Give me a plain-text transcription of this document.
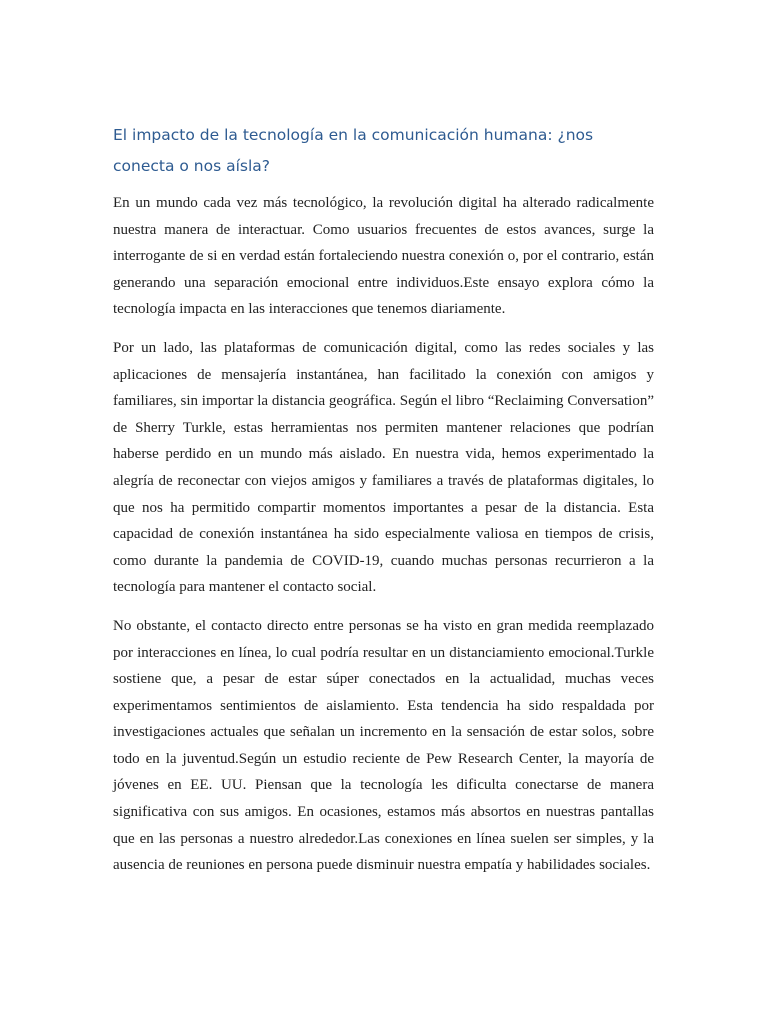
El impacto de la tecnología en la comunicación humana: ¿nos conecta o nos aísla?

En un mundo cada vez más tecnológico, la revolución digital ha alterado radicalmente nuestra manera de interactuar. Como usuarios frecuentes de estos avances, surge la interrogante de si en verdad están fortaleciendo nuestra conexión o, por el contrario, están generando una separación emocional entre individuos.Este ensayo explora cómo la tecnología impacta en las interacciones que tenemos diariamente.

Por un lado, las plataformas de comunicación digital, como las redes sociales y las aplicaciones de mensajería instantánea, han facilitado la conexión con amigos y familiares, sin importar la distancia geográfica. Según el libro “Reclaiming Conversation” de Sherry Turkle, estas herramientas nos permiten mantener relaciones que podrían haberse perdido en un mundo más aislado. En nuestra vida, hemos experimentado la alegría de reconectar con viejos amigos y familiares a través de plataformas digitales, lo que nos ha permitido compartir momentos importantes a pesar de la distancia. Esta capacidad de conexión instantánea ha sido especialmente valiosa en tiempos de crisis, como durante la pandemia de COVID-19, cuando muchas personas recurrieron a la tecnología para mantener el contacto social.

No obstante, el contacto directo entre personas se ha visto en gran medida reemplazado por interacciones en línea, lo cual podría resultar en un distanciamiento emocional.Turkle sostiene que, a pesar de estar súper conectados en la actualidad, muchas veces experimentamos sentimientos de aislamiento. Esta tendencia ha sido respaldada por investigaciones actuales que señalan un incremento en la sensación de estar solos, sobre todo en la juventud.Según un estudio reciente de Pew Research Center, la mayoría de jóvenes en EE. UU. Piensan que la tecnología les dificulta conectarse de manera significativa con sus amigos. En ocasiones, estamos más absortos en nuestras pantallas que en las personas a nuestro alrededor.Las conexiones en línea suelen ser simples, y la ausencia de reuniones en persona puede disminuir nuestra empatía y habilidades sociales.
